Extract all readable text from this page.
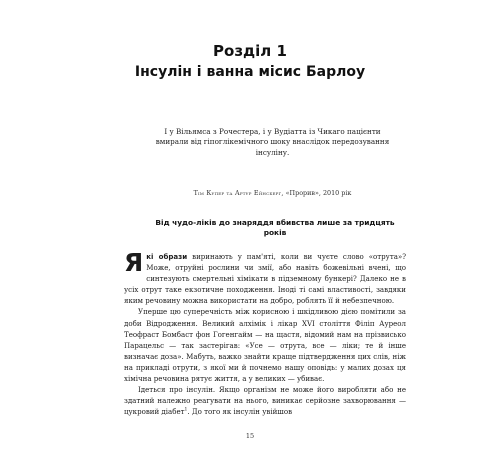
Розділ 1
Інсулін і ванна місис Барлоу
І у Вільямса з Рочестера, і у Вудіатта із Чикаго пацієнти вмирали від гіпоглікемічного шоку внаслідок передозування інсуліну.
Тім Купер та Артур Ейнсберг, «Прорив», 2010 рік
Від чудо-ліків до знаряддя вбивства лише за тридцять років

Які образи виринають у пам'яті, коли ви чуєте слово «отрута»? Може, отруйні рослини чи змії, або навіть божевільні вчені, що синтезують смертельні хімікати в підземному бункері? Далеко не в усіх отрут таке екзотичне походження. Іноді ті самі властивості, завдяки яким речовину можна використати на добро, роблять її й небезпечною.

Уперше цю суперечність між корисною і шкідливою дією помітили за доби Відродження. Великий алхімік і лікар XVI століття Філіп Ауреол Теофраст Бомбаст фон Гогенгайм — на щастя, відомий нам на прізвисько Парацельс — так застерігав: «Усе — отрута, все — ліки; те й інше визначає доза». Мабуть, важко знайти краще підтвердження цих слів, ніж на прикладі отрути, з якої ми й почнемо нашу оповідь: у малих дозах ця хімічна речовина рятує життя, а у великих — убиває.

Ідеться про інсулін. Якщо організм не може його виробляти або не здатний належно реагувати на нього, виникає серйозне захворювання — цукровий діабет$^1$. До того як інсулін увійшов

15
